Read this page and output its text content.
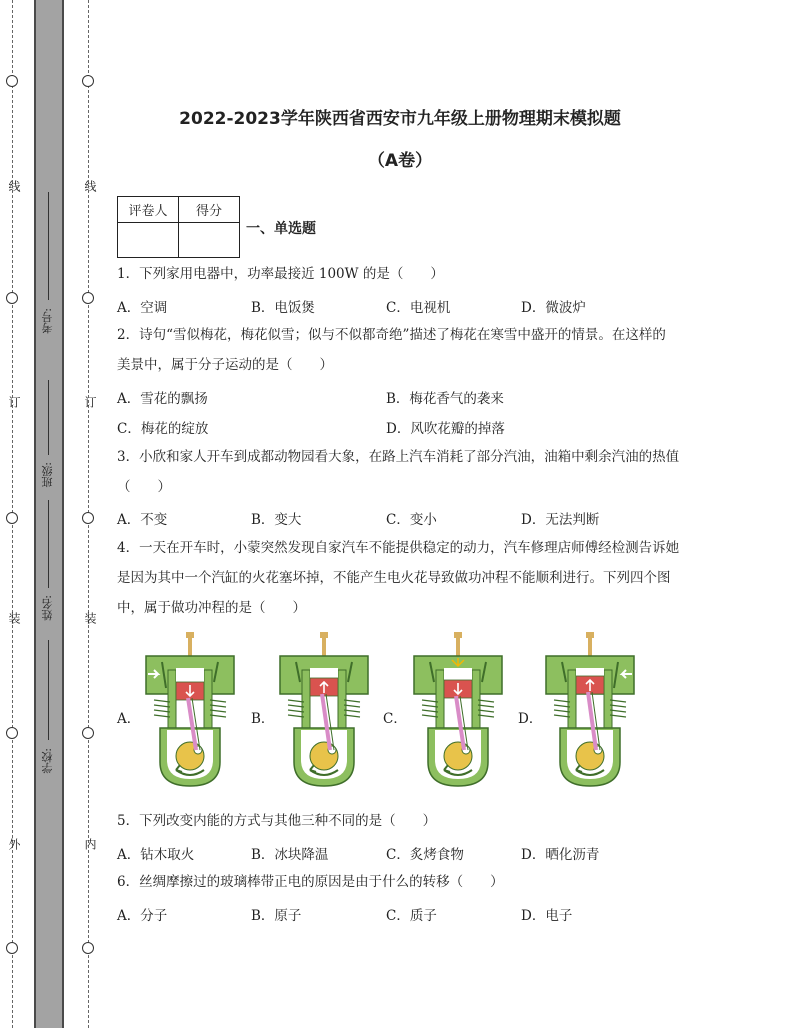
线
订
装
外
线
订
装
内
考号:
班级:
姓名:
学校:
2022-2023学年陕西省西安市九年级上册物理期末模拟题
（A卷）
评卷人	得分

一、单选题
1．下列家用电器中，功率最接近 100W 的是（　　）
A．空调	B．电饭煲	C．电视机	D．微波炉
2．诗句“雪似梅花，梅花似雪；似与不似都奇绝”描述了梅花在寒雪中盛开的情景。在这样的
美景中，属于分子运动的是（　　）
A．雪花的飘扬	B．梅花香气的袭来
C．梅花的绽放	D．风吹花瓣的掉落
3．小欣和家人开车到成都动物园看大象，在路上汽车消耗了部分汽油，油箱中剩余汽油的热值
（　　）
A．不变	B．变大	C．变小	D．无法判断
4．一天在开车时，小蒙突然发现自家汽车不能提供稳定的动力，汽车修理店师傅经检测告诉她
是因为其中一个汽缸的火花塞坏掉，不能产生电火花导致做功冲程不能顺利进行。下列四个图
中，属于做功冲程的是（　　）
A．	B．	C．	D．
5．下列改变内能的方式与其他三种不同的是（　　）
A．钻木取火	B．冰块降温	C．炙烤食物	D．晒化沥青
6．丝绸摩擦过的玻璃棒带正电的原因是由于什么的转移（　　）
A．分子	B．原子	C．质子	D．电子
